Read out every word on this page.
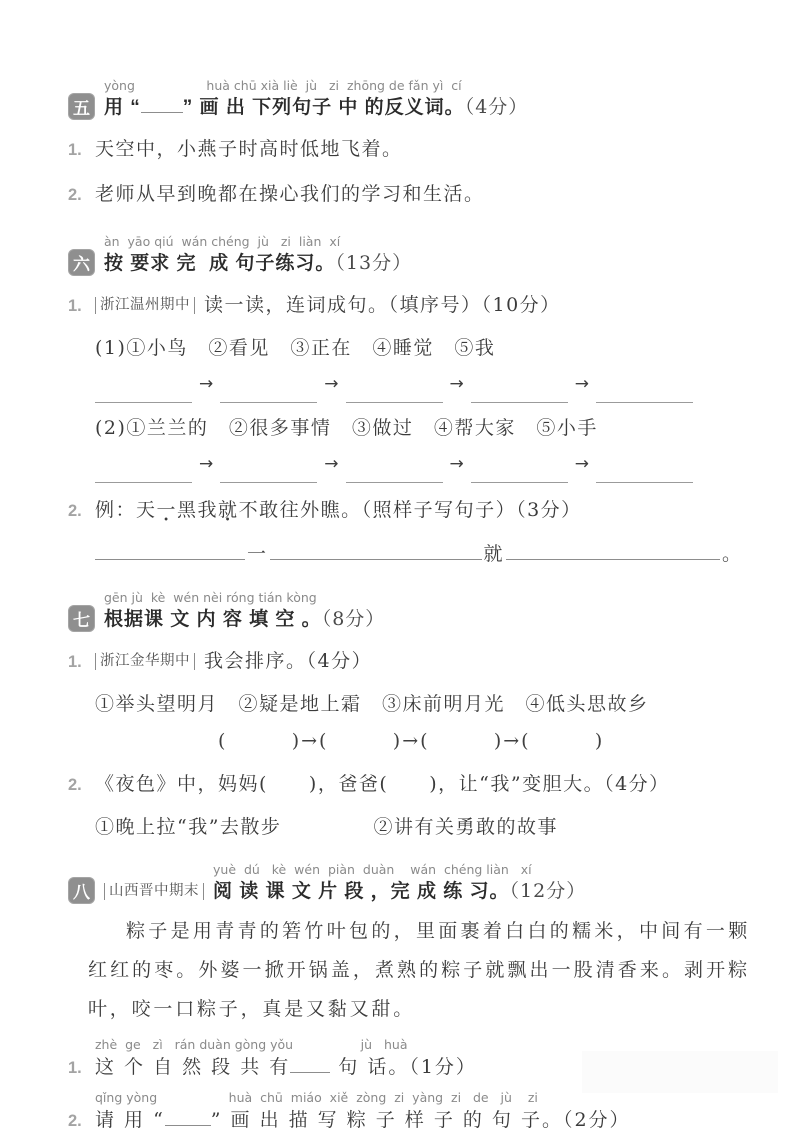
五
yòng                  huà chū xià liè  jù   zi  zhōng de fǎn yì  cí
用 “ ” 画 出 下列句子 中 的反义词。（4分）
1. 天空中，小燕子时高时低地飞着。
2. 老师从早到晚都在操心我们的学习和生活。
六
àn  yāo qiú  wán chéng  jù   zi  liàn  xí
按 要求 完  成 句子练习。（13分）
1.	浙江温州期中 读一读，连词成句。（填序号）（10分）
(1)①小鸟　②看见　③正在　④睡觉　⑤我
→	→	→	→
(2)①兰兰的　②很多事情　③做过　④帮大家　⑤小手
→	→	→	→
2. 例：天一黑我就不敢往外瞧。（照样子写句子）（3分）
一	就	。
七
gēn jù  kè  wén nèi róng tián kòng
根据课 文 内 容 填 空 。（8分）
1.	浙江金华期中 我会排序。（4分）
①举头望明月　②疑是地上霜　③床前明月光　④低头思故乡
(        )→(        )→(        )→(        )
2. 《夜色》中，妈妈(　　)，爸爸(　　)，让“我”变胆大。（4分）
①晚上拉“我”去散步	②讲有关勇敢的故事
八	山西晋中期末
yuè  dú   kè  wén  piàn  duàn    wán  chéng liàn   xí
阅 读 课 文 片 段 ，完 成 练 习。（12分）
粽子是用青青的箬竹叶包的，里面裹着白白的糯米，中间有一颗红红的枣。外婆一掀开锅盖，煮熟的粽子就飘出一股清香来。剥开粽叶，咬一口粽子，真是又黏又甜。
1.
zhè  ge   zì   rán duàn gòng yǒu                 jù   huà
这 个 自 然 段 共 有 句 话。（1分）
2.
qǐng yòng                  huà  chū  miáo  xiě  zòng  zi  yàng  zi   de   jù    zi
请 用 “ ” 画 出 描 写 粽 子 样 子 的 句 子。（2分）
